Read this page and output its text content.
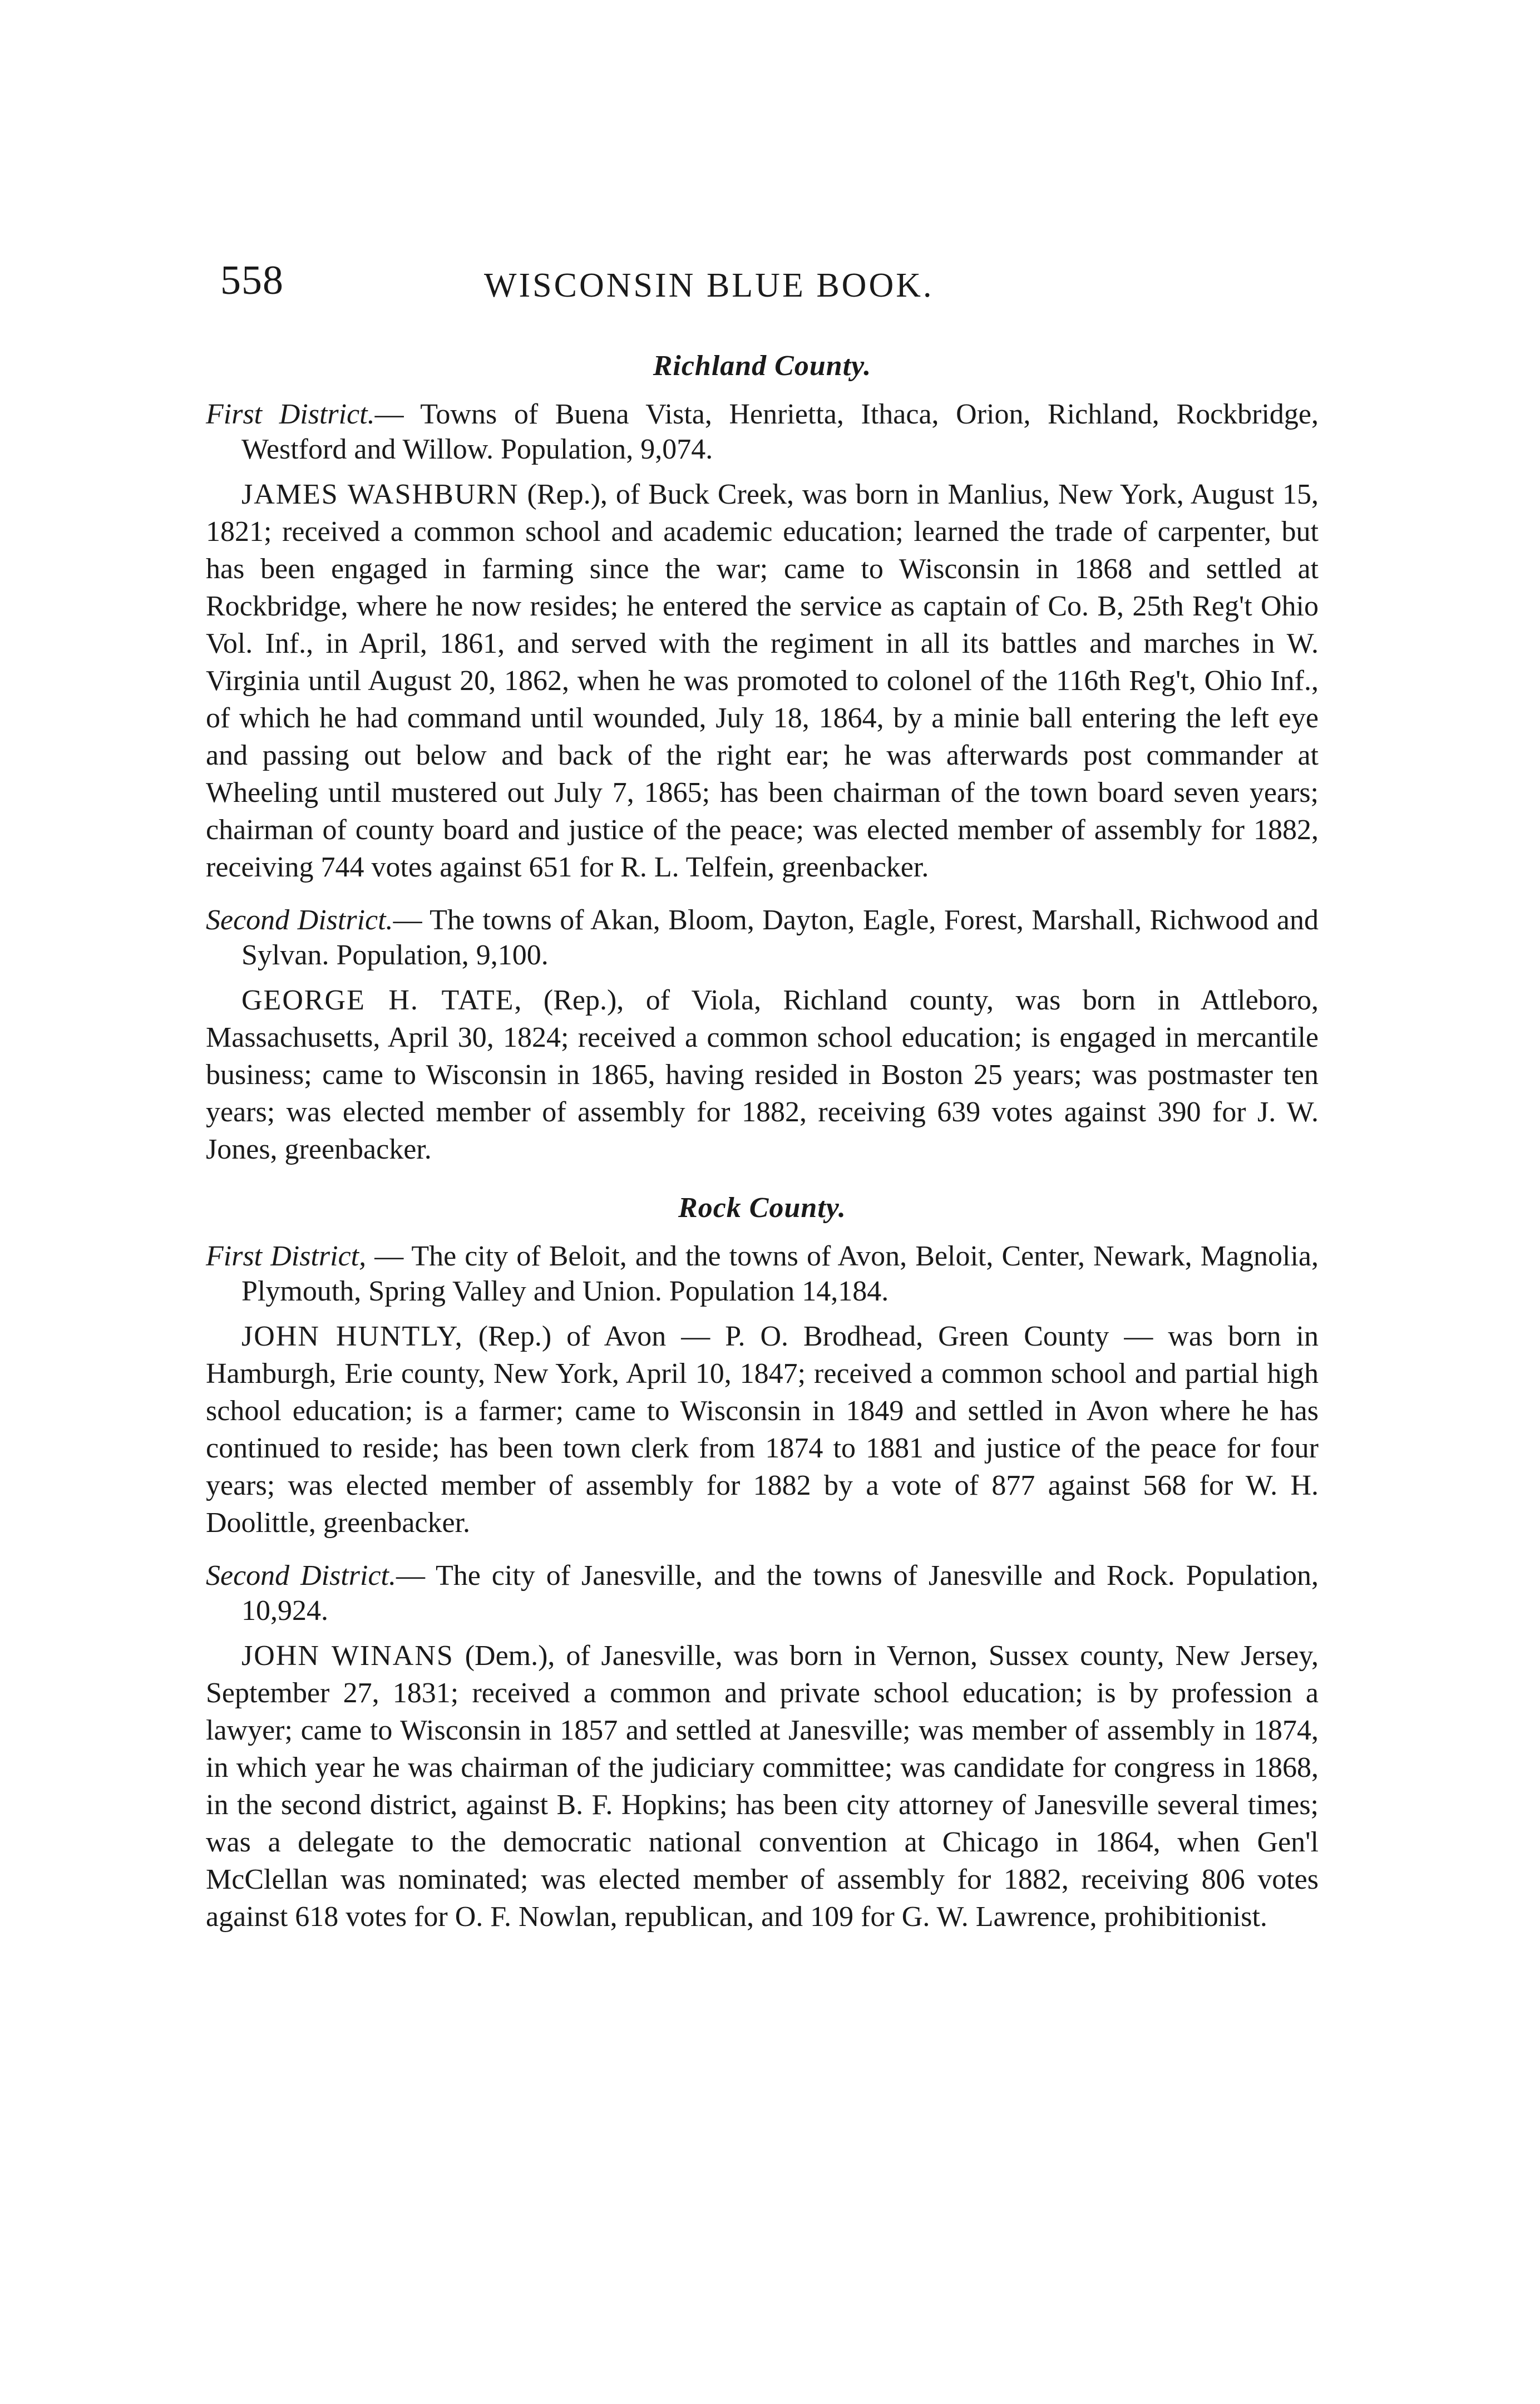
558	WISCONSIN BLUE BOOK.
Richland County.

First District.— Towns of Buena Vista, Henrietta, Ithaca, Orion, Richland, Rockbridge, Westford and Willow. Population, 9,074.

JAMES WASHBURN (Rep.), of Buck Creek, was born in Manlius, New York, August 15, 1821; received a common school and academic education; learned the trade of carpenter, but has been engaged in farming since the war; came to Wisconsin in 1868 and settled at Rockbridge, where he now resides; he entered the service as captain of Co. B, 25th Reg't Ohio Vol. Inf., in April, 1861, and served with the regiment in all its battles and marches in W. Virginia until August 20, 1862, when he was promoted to colonel of the 116th Reg't, Ohio Inf., of which he had command until wounded, July 18, 1864, by a minie ball entering the left eye and passing out below and back of the right ear; he was afterwards post commander at Wheeling until mustered out July 7, 1865; has been chairman of the town board seven years; chairman of county board and justice of the peace; was elected member of assembly for 1882, receiving 744 votes against 651 for R. L. Telfein, greenbacker.

Second District.— The towns of Akan, Bloom, Dayton, Eagle, Forest, Marshall, Richwood and Sylvan. Population, 9,100.

GEORGE H. TATE, (Rep.), of Viola, Richland county, was born in Attleboro, Massachusetts, April 30, 1824; received a common school education; is engaged in mercantile business; came to Wisconsin in 1865, having resided in Boston 25 years; was postmaster ten years; was elected member of assembly for 1882, receiving 639 votes against 390 for J. W. Jones, greenbacker.

Rock County.

First District, — The city of Beloit, and the towns of Avon, Beloit, Center, Newark, Magnolia, Plymouth, Spring Valley and Union. Population 14,184.

JOHN HUNTLY, (Rep.) of Avon — P. O. Brodhead, Green County — was born in Hamburgh, Erie county, New York, April 10, 1847; received a common school and partial high school education; is a farmer; came to Wisconsin in 1849 and settled in Avon where he has continued to reside; has been town clerk from 1874 to 1881 and justice of the peace for four years; was elected member of assembly for 1882 by a vote of 877 against 568 for W. H. Doolittle, greenbacker.

Second District.— The city of Janesville, and the towns of Janesville and Rock. Population, 10,924.

JOHN WINANS (Dem.), of Janesville, was born in Vernon, Sussex county, New Jersey, September 27, 1831; received a common and private school education; is by profession a lawyer; came to Wisconsin in 1857 and settled at Janesville; was member of assembly in 1874, in which year he was chairman of the judiciary committee; was candidate for congress in 1868, in the second district, against B. F. Hopkins; has been city attorney of Janesville several times; was a delegate to the democratic national convention at Chicago in 1864, when Gen'l McClellan was nominated; was elected member of assembly for 1882, receiving 806 votes against 618 votes for O. F. Nowlan, republican, and 109 for G. W. Lawrence, prohibitionist.
